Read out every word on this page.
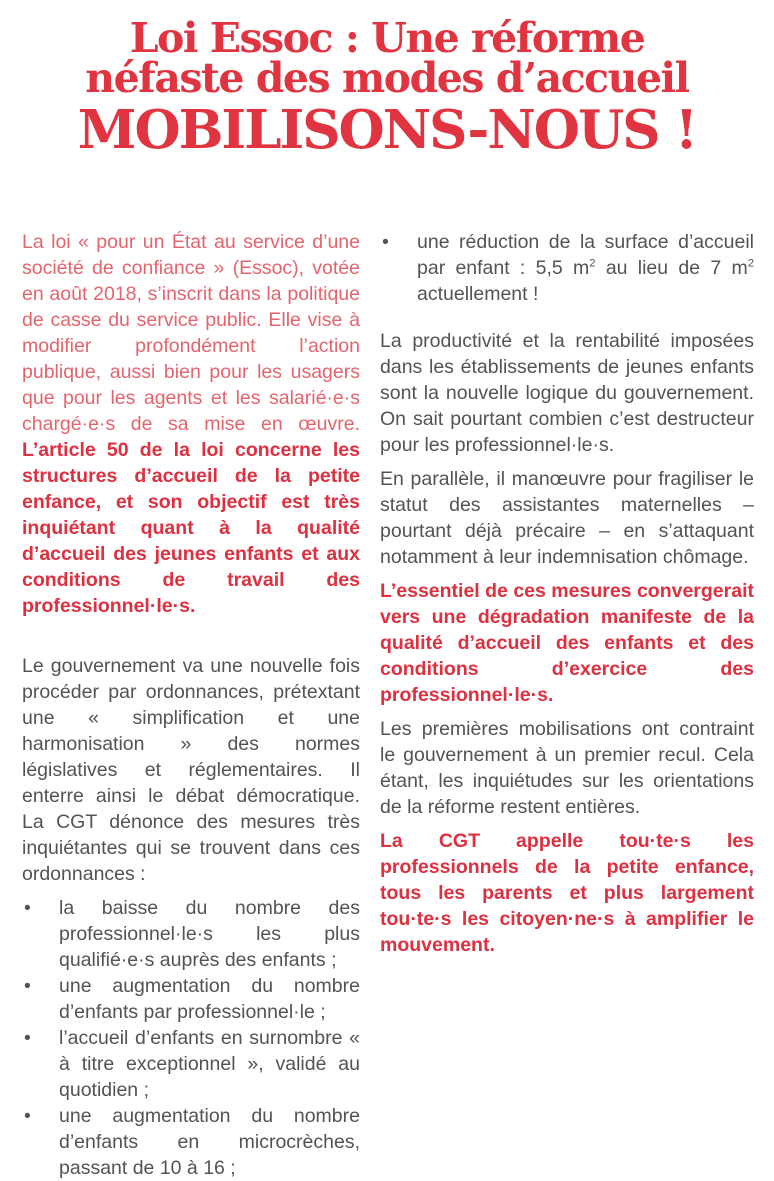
Loi Essoc : Une réforme
néfaste des modes d’accueil
MOBILISONS-NOUS !

La loi « pour un État au service d’une société de confiance » (Essoc), votée en août 2018, s’inscrit dans la politique de casse du service public. Elle vise à modifier profondément l’action publique, aussi bien pour les usagers que pour les agents et les salarié·e·s chargé·e·s de sa mise en œuvre. L’article 50 de la loi concerne les structures d’accueil de la petite enfance, et son objectif est très inquiétant quant à la qualité d’accueil des jeunes enfants et aux conditions de travail des professionnel·le·s.

Le gouvernement va une nouvelle fois procéder par ordonnances, prétextant une « simplification et une harmonisation » des normes législatives et réglementaires. Il enterre ainsi le débat démocratique. La CGT dénonce des mesures très inquiétantes qui se trouvent dans ces ordonnances :

• la baisse du nombre des professionnel·le·s les plus qualifié·e·s auprès des enfants ;
• une augmentation du nombre d’enfants par professionnel·le ;
• l’accueil d’enfants en surnombre « à titre exceptionnel », validé au quotidien ;
• une augmentation du nombre d’enfants en microcrèches, passant de 10 à 16 ;
• une réduction de la surface d’accueil par enfant : 5,5 $m^2$ au lieu de 7 $m^2$ actuellement !

La productivité et la rentabilité imposées dans les établissements de jeunes enfants sont la nouvelle logique du gouvernement. On sait pourtant combien c’est destructeur pour les professionnel·le·s.

En parallèle, il manœuvre pour fragiliser le statut des assistantes maternelles – pourtant déjà précaire – en s’attaquant notamment à leur indemnisation chômage.

L’essentiel de ces mesures convergerait vers une dégradation manifeste de la qualité d’accueil des enfants et des conditions d’exercice des professionnel·le·s.

Les premières mobilisations ont contraint le gouvernement à un premier recul. Cela étant, les inquiétudes sur les orientations de la réforme restent entières.

La CGT appelle tou·te·s les professionnels de la petite enfance, tous les parents et plus largement tou·te·s les citoyen·ne·s à amplifier le mouvement.
